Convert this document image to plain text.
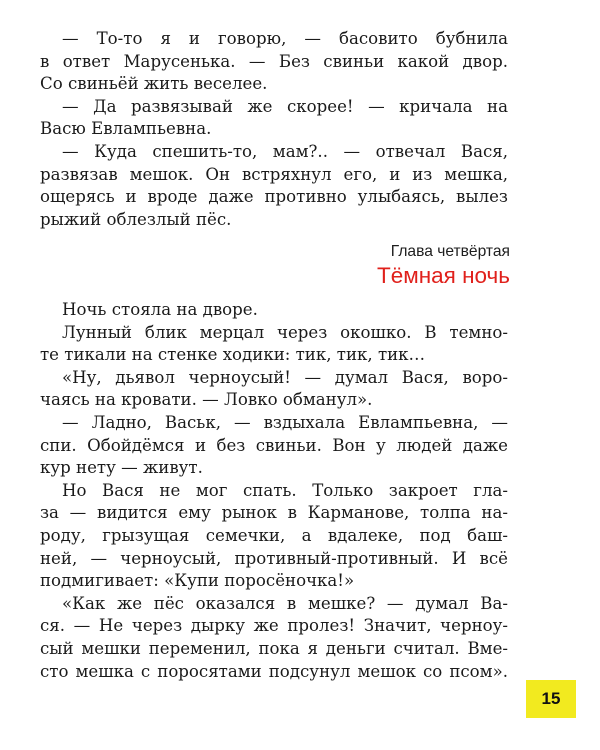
— То-то я и говорю, — басовито бубнила
в ответ Марусенька. — Без свиньи какой двор.
Со свиньёй жить веселее.
— Да развязывай же скорее! — кричала на
Васю Евлампьевна.
— Куда спешить-то, мам?.. — отвечал Вася,
развязав мешок. Он встряхнул его, и из мешка,
ощерясь и вроде даже противно улыбаясь, вылез
рыжий облезлый пёс.
Глава четвёртая
Тёмная ночь
Ночь стояла на дворе.
Лунный блик мерцал через окошко. В темно-
те тикали на стенке ходики: тик, тик, тик…
«Ну, дьявол черноусый! — думал Вася, воро-
чаясь на кровати. — Ловко обманул».
— Ладно, Васьк, — вздыхала Евлампьевна, —
спи. Обойдёмся и без свиньи. Вон у людей даже
кур нету — живут.
Но Вася не мог спать. Только закроет гла-
за — видится ему рынок в Карманове, толпа на-
роду, грызущая семечки, а вдалеке, под баш-
ней, — черноусый, противный-противный. И всё
подмигивает: «Купи поросёночка!»
«Как же пёс оказался в мешке? — думал Ва-
ся. — Не через дырку же пролез! Значит, черноу-
сый мешки переменил, пока я деньги считал. Вме-
сто мешка с поросятами подсунул мешок со псом».
15
